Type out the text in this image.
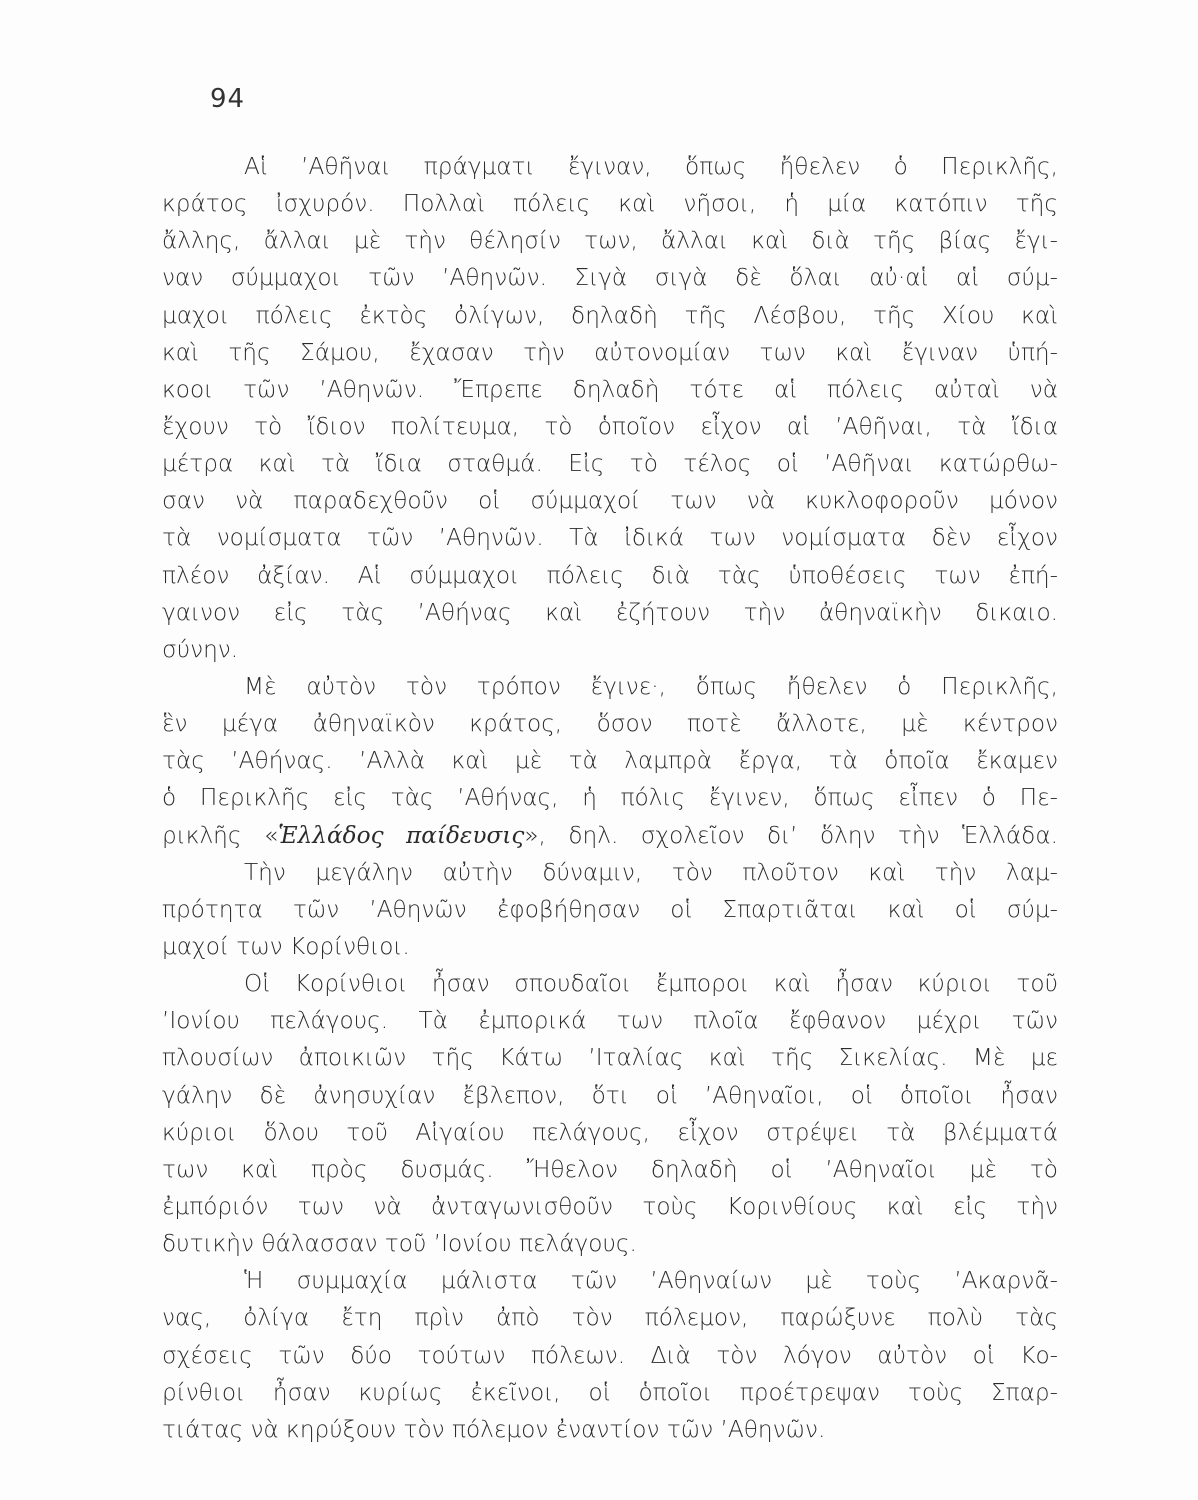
94
Αἱ ’Αθῆναι πράγματι ἔγιναν, ὅπως ἤθελεν ὁ Περικλῆς,
κράτος ἰσχυρόν. Πολλαὶ πόλεις καὶ νῆσοι, ἡ μία κατόπιν τῆς
ἄλλης, ἄλλαι μὲ τὴν θέλησίν των, ἄλλαι καὶ διὰ τῆς βίας ἔγι-
ναν σύμμαχοι τῶν ’Αθηνῶν. Σιγὰ σιγὰ δὲ ὅλαι αὐ·αἱ αἱ σύμ-
μαχοι πόλεις ἐκτὸς ὀλίγων, δηλαδὴ τῆς Λέσβου, τῆς Χίου καὶ
καὶ τῆς Σάμου, ἔχασαν τὴν αὐτονομίαν των καὶ ἔγιναν ὑπή-
κοοι τῶν ’Αθηνῶν. Ἔπρεπε δηλαδὴ τότε αἱ πόλεις αὐταὶ νὰ
ἔχουν τὸ ἴδιον πολίτευμα, τὸ ὁποῖον εἶχον αἱ ’Αθῆναι, τὰ ἴδια
μέτρα καὶ τὰ ἴδια σταθμά. Εἰς τὸ τέλος οἱ ’Αθῆναι κατώρθω-
σαν νὰ παραδεχθοῦν οἱ σύμμαχοί των νὰ κυκλοφοροῦν μόνον
τὰ νομίσματα τῶν ’Αθηνῶν. Τὰ ἰδικά των νομίσματα δὲν εἶχον
πλέον ἀξίαν. Αἱ σύμμαχοι πόλεις διὰ τὰς ὑποθέσεις των ἐπή-
γαινον εἰς τὰς ’Αθήνας καὶ ἐζήτουν τὴν ἀθηναϊκὴν δικαιο.
σύνην.
Μὲ αὐτὸν τὸν τρόπον ἔγινε·, ὅπως ἤθελεν ὁ Περικλῆς,
ἓν μέγα ἀθηναϊκὸν κράτος, ὅσον ποτὲ ἄλλοτε, μὲ κέντρον
τὰς ’Αθήνας. ’Αλλὰ καὶ μὲ τὰ λαμπρὰ ἔργα, τὰ ὁποῖα ἔκαμεν
ὁ Περικλῆς εἰς τὰς ’Αθήνας, ἡ πόλις ἔγινεν, ὅπως εἶπεν ὁ Πε-
ρικλῆς «Ἑλλάδος παίδευσις», δηλ. σχολεῖον δι’ ὅλην τὴν Ἑλλάδα.
Τὴν μεγάλην αὐτὴν δύναμιν, τὸν πλοῦτον καὶ τὴν λαμ-
πρότητα τῶν ’Αθηνῶν ἐφοβήθησαν οἱ Σπαρτιᾶται καὶ οἱ σύμ-
μαχοί των Κορίνθιοι.
Οἱ Κορίνθιοι ἦσαν σπουδαῖοι ἔμποροι καὶ ἦσαν κύριοι τοῦ
’Ιονίου πελάγους. Τὰ ἐμπορικά των πλοῖα ἔφθανον μέχρι τῶν
πλουσίων ἀποικιῶν τῆς Κάτω ’Ιταλίας καὶ τῆς Σικελίας. Μὲ με
γάλην δὲ ἀνησυχίαν ἔβλεπον, ὅτι οἱ ’Αθηναῖοι, οἱ ὁποῖοι ἦσαν
κύριοι ὅλου τοῦ Αἰγαίου πελάγους, εἶχον στρέψει τὰ βλέμματά
των καὶ πρὸς δυσμάς. Ἤθελον δηλαδὴ οἱ ’Αθηναῖοι μὲ τὸ
ἐμπόριόν των νὰ ἀνταγωνισθοῦν τοὺς Κορινθίους καὶ εἰς τὴν
δυτικὴν θάλασσαν τοῦ ’Ιονίου πελάγους.
Ἡ συμμαχία μάλιστα τῶν ’Αθηναίων μὲ τοὺς ’Ακαρνᾶ-
νας, ὀλίγα ἔτη πρὶν ἀπὸ τὸν πόλεμον, παρώξυνε πολὺ τὰς
σχέσεις τῶν δύο τούτων πόλεων. Διὰ τὸν λόγον αὐτὸν οἱ Κο-
ρίνθιοι ἦσαν κυρίως ἐκεῖνοι, οἱ ὁποῖοι προέτρεψαν τοὺς Σπαρ-
τιάτας νὰ κηρύξουν τὸν πόλεμον ἐναντίον τῶν ’Αθηνῶν.
